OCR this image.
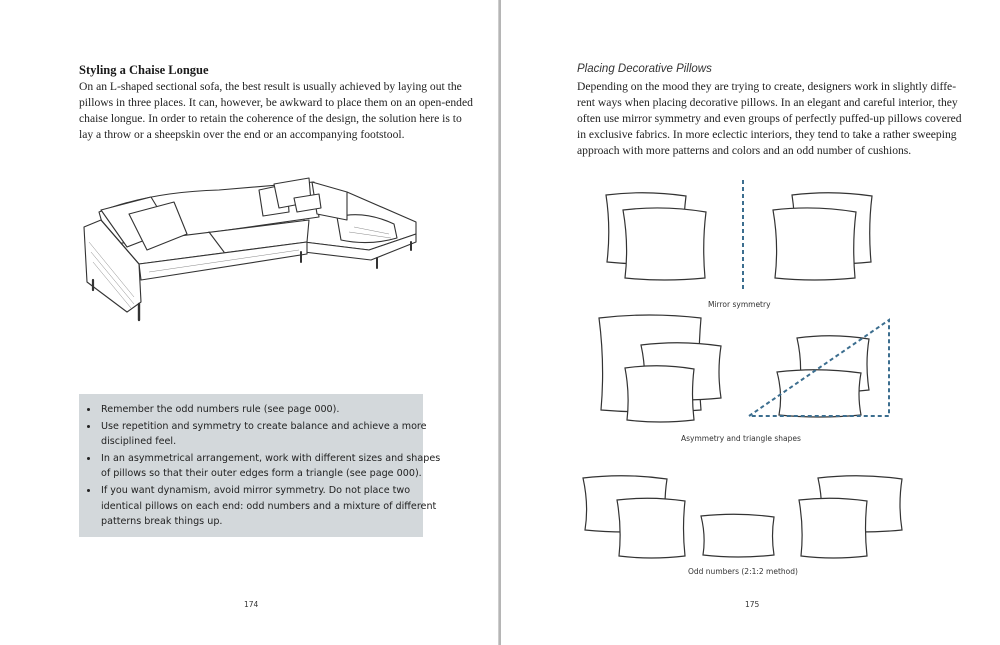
Styling a Chaise Longue
On an L-shaped sectional sofa, the best result is usually achieved by laying out the
pillows in three places. It can, however, be awkward to place them on an open-ended
chaise longue. In order to retain the coherence of the design, the solution here is to
lay a throw or a sheepskin over the end or an accompanying footstool.
• Remember the odd numbers rule (see page 000).
• Use repetition and symmetry to create balance and achieve a more
disciplined feel.
• In an asymmetrical arrangement, work with different sizes and shapes
of pillows so that their outer edges form a triangle (see page 000).
• If you want dynamism, avoid mirror symmetry. Do not place two
identical pillows on each end: odd numbers and a mixture of different
patterns break things up.
174
Placing Decorative Pillows
Depending on the mood they are trying to create, designers work in slightly diffe-
rent ways when placing decorative pillows. In an elegant and careful interior, they
often use mirror symmetry and even groups of perfectly puffed-up pillows covered
in exclusive fabrics. In more eclectic interiors, they tend to take a rather sweeping
approach with more patterns and colors and an odd number of cushions.
Mirror symmetry
Asymmetry and triangle shapes
Odd numbers (2:1:2 method)
175
